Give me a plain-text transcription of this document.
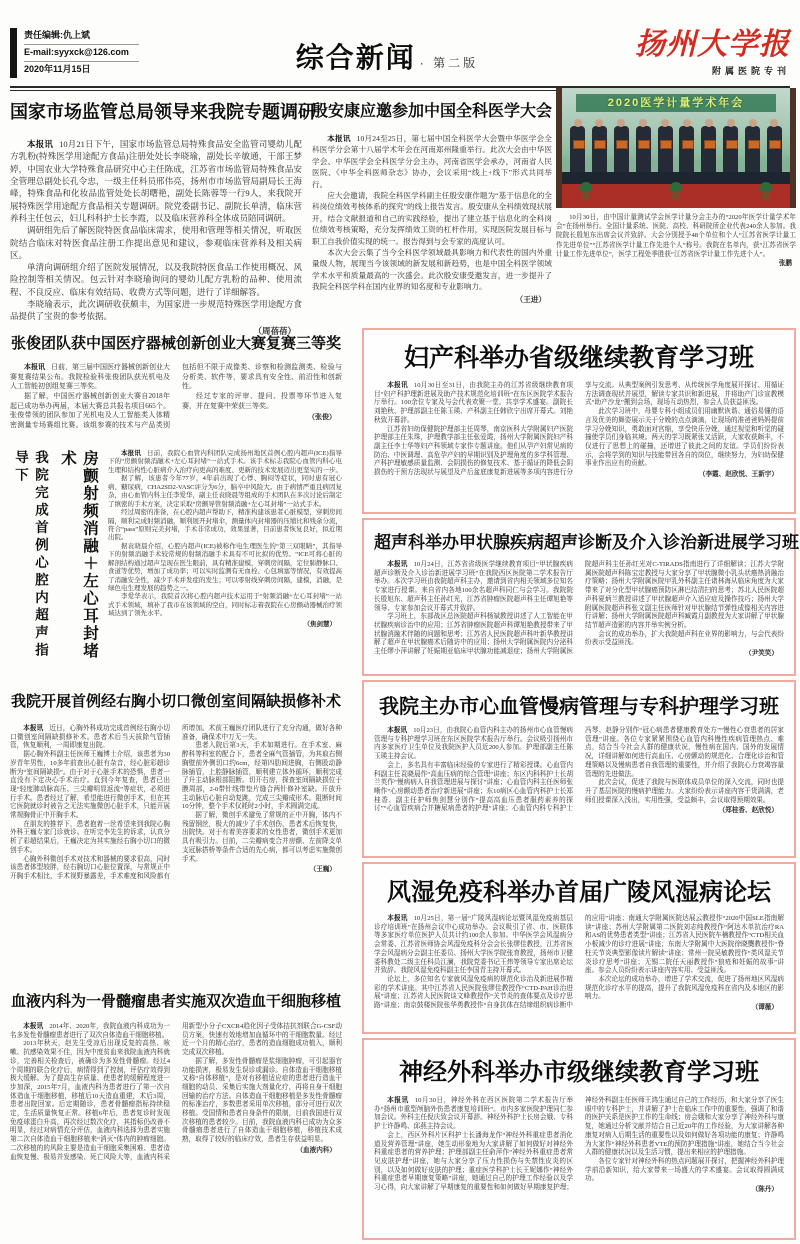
责任编辑:仇上斌
E-mail:syyxck@126.com
2020年11月15日	综合新闻 · 第二版
扬州大学报
附属医院专刊
国家市场监管总局领导来我院专题调研

本报讯 10月21日下午，国家市场监管总局特殊食品安全监管司婴幼儿配方乳粉(特殊医学用途配方食品)注册处处长李晓瑜，副处长辛敏通，干部王梦婷，中国农业大学特殊食品研究中心主任陈成，江苏省市场监管局特殊食品安全管理总副处长孔令忠，一级主任科员邢伟亮，扬州市市场监管局副局长王海峰，特殊食品和化妆品监管处处长胡曙艳，副处长陈蓉等一行9人，来我院开展特殊医学用途配方食品相关专题调研。院党委副书记、副院长单清，临床营养科主任包云，妇儿科科护士长李霞，以及临床营养科全体成员陪同调研。

调研组先后了解医院特医食品临床需求，使用和管理等相关情况，听取医院结合临床对特医食品注册工作提出意见和建议，参观临床营养科及相关病区。

单清向调研组介绍了医院发展情况，以及我院特医食品工作使用概况、风险控制等相关情况。包云针对李晓瑜询问的婴幼儿配方乳粉的品种、使用流程、不良反应、临床有效结局、收费方式等问题，进行了详细解答。

李晓瑜表示，此次调研收获颇丰，为国家进一步规范特殊医学用途配方食品提供了宝贵的参考依据。

（周蓓蓓）
殷安康应邀参加中国全科医学大会

本报讯 10月24至25日，第七届中国全科医学大会暨中华医学会全科医学分会第十八届学术年会在河南郑州隆重举行。此次大会由中华医学会、中华医学会全科医学分会主办，河南省医学会承办，河南省人民医院、《中华全科医师杂志》协办，会议采用“线上+线下”形式共同举行。

应大会邀请，我院全科医学科副主任殷安康作题为“基于信息化的全科岗位绩效考核体系的探究”的线上报告发言。殷安康从全科绩效现状展开，结合文献报道和自己的实践经验，提出了建立基于信息化的全科岗位绩效考核策略，充分发挥绩效工资的杠杆作用，实现医院发展目标与职工自我价值实现的统一。报告得到与会专家的高度认可。

本次大会云集了当今全科医学领域最具影响力和代表性的国内外重量级人物，展现当今该领域的新发展和新趋势，也是中国全科医学领域学术水平和质量最高的一次盛会。此次殷安康受邀发言，进一步提升了我院全科医学科在国内业界的知名度和专业影响力。

（王进）
2020医学计量学术年会
10月30日，由中国计量测试学会医学计量分会主办的“2020年医学计量学术年会”在扬州举行。全国计量系统、医院、高校、科研院所企业代表240余人参加。我院院长殷旭东出席会议并致辞。大会分别授予48个单位和个人“江苏省医学计量工作先进单位”“江苏省医学计量工作先进个人”称号。我院在名单内，获“江苏省医学计量工作先进单位”，医学工程处季胜获“江苏省医学计量工作先进个人”。
张鹏
张俊团队获中国医疗器械创新创业大赛复赛三等奖

本报讯 日前，第三届中国医疗器械创新创业大赛复赛结果公布。我院检验科张俊团队获光机电及人工智能初创组复赛三等奖。

据了解，中国医疗器械创新创业大赛自2018年起已成功举办两届，本届大赛总共报名项目665个。张俊带领的团队参加了光机电及人工智能类人体精密测量专场赛组比赛。该组参赛的技术与产品类别包括但不限于成像类、诊察和检测监测类、检验与分析类、软件等，要求具有安全性、前沿性和创新性。

经过专家的评审、提问、投票等环节进入复赛，并在复赛中荣获三等奖。

（张俊）
我院完成首例心腔内超声指导下	房颤射频消融＋左心耳封堵术	本报讯 日前，我院心血管内科团队完成扬州地区首例心腔内超声(ICE)指导下的“房颤射频消融术+左心耳封堵”一站式手术。该手术标志我院心血管内科心电生理和结构性心脏病介入治疗向更高的难度、更新的技术发展迈出更坚实的一步。

据了解，该患者今年77岁，4年前出现了心悸、胸闷等症状，同时患有冠心病、糖尿病，CHA2SD2-VASC评分为6分，脑卒中风险大。由于病情严重且病因复杂，由心血管内科主任李爱华，副主任袁晓晨等组成的手术团队在多次讨论后制定了缜密的手术方案，决定采取“房颤导管射频消融+左心耳封堵”一站式手术。

经过周密的准备，在心腔内超声帮助下，精准构建该患者心脏模型，穿刺房间隔，顺利完成射频消融，顺利展开封堵伞，测量体内封堵器的压缩比和残余分流，符合“pass”原则完美封堵，手术非常成功，效果显著，目前患者恢复良好，拟近期出院。

据袁晓晨介绍，心腔内超声(ICE)被称作电生理医生的“第三双眼睛”，其指导下的射频消融手术较常规的射频消融手术具有不可比拟的优势。“ICE可将心脏的解剖结构通过超声呈现在医生眼前，具有精准建模，穿刺房间隔，定位肺静脉口、食道等优势，增加了成功率；可以实时监测有无血栓、心包填塞等情况，有效提高了消融安全性，减少手术并发症的发生；可以零射线穿刺房间隔，建模，消融，是绿色电生理发展的趋势之一。

李爱华表示，我院首次将心腔内超声技术运用于“射频消融+左心耳封堵”一站式手术领域，填补了我市在该领域的空白，同时标志着我院在心房颤动器械治疗领域达到了领先水平。

（焦剑慧）
我院开展首例经右胸小切口微创室间隔缺损修补术

本报讯 近日，心胸外科成功完成首例经右胸小切口微创室间隔缺损修补术。患者术后当天拔除气管插管，恢复顺利，一周即康复出院。

据心胸外科副主任医师王巍博士介绍，该患者为30岁青年男性，10多年前查出心脏有杂音，经心脏彩超诊断为“室间隔缺损”。由于对于心脏手术的恐惧，患者一直没有下定决心手术治疗。直到今年复查，患者已出现“轻度肺动脉高压、三尖瓣明显返流”等症状，必须进行手术。患者经过了解，希望能进行微创手术，但在其它医院就诊时被告之无法实施微创心脏手术，只能开展常规胸骨正中开胸手术。

在朋友的推荐下，患者抱着一丝希望来到我院心胸外科王巍专家门诊就诊。在听完李先生的诉求，认真分析了彩超结果后，王巍决定为其实施经右胸小切口的微创手术。

心胸外科微创手术对技术和器械的要求很高，同时该患者体型较胖，经右胸切口心脏位置深，与常规正中开胸手术相比，手术视野暴露差，手术难度和风险都有所增加。术前王巍医疗团队进行了充分沟通，做好各种准备，确保术中万无一失。

患者入院后第3天，手术如期进行。在手术室、麻醉科等科室的配合下，患者全麻气管插管，为其取右侧胸壁前外侧切口约6cm，经第四肋间进胸，右侧股动静脉插管，上腔静脉插管，顺利建立体外循环，顺利完成了升主动脉根部阻断。切开右房，探查室间隔缺损位于膜周部，2-0带针线带垫片缝合两针修补室缺。开放升主动脉后心脏自动复跳，完成三尖瓣成形术。阻断时间10分钟，整个手术仅耗时2小时，手术圆满完成。

据了解，微创手术避免了常规的正中开胸，体内不残留钢丝，极大的减少了手术创伤，患者术后恢复快，出院快。对于有着美容要求的女性患者，微创手术更加具有吸引力。目前，二尖瓣病变合并房颤、左前降支单支冠脉搭桥等条件合适的先心病，都可以考虑实施微创手术。

（王巍）
血液内科为一骨髓瘤患者实施双次造血干细胞移植

本报讯 2014年、2020年，我院血液内科成功为一名多发性骨髓瘤患者进行了双次自体造血干细胞移植。

2013年秋天，赵先生受凉后出现反复的高热、咳嗽、抗感染效果不佳，因为中度贫血来我院血液内科就诊，完善相关检查后，被确诊为多发性骨髓瘤。经过4个周期的联合化疗后，病情得到了控制，评估疗效得到极大缓解。为了提高生存质量、使患者的缓解程度进一步加深，2015年7月，血液内科为患者进行了第一次自体造血干细胞移植，移植后10天造血重建，术后3周，患者出院回家。后定期随诊，患者骨髓瘤指标持续稳定，生活质量恢复正常。移植6年后，患者复诊时发现免疫球蛋白升高，再次经过数次化疗，其指标仍改善不明显，经过对病情充分评估，血液内科选择为患者实施第二次自体造血干细胞移植来“消灭”体内的肿瘤细胞。二次移植的的风险主要是造血干细胞采集困难、患者造血恢复慢、极易并发感染、死亡风险大等，血液内科采用新型小分子CXCR4趋化因子受体拮抗剂联合G-CSF动员方案，快速有效地增加血循环中的干细胞数量。经过近一个月的精心治疗，患者的造血细胞成功植入，顺利完成双次移植。

据了解，多发性骨髓瘤是浆细胞肿瘤，可引起器官功能损害，极易发生误诊或漏诊。自体造血干细胞移植又称“自体移植”，是对有移植适应症的患者进行造血干细胞的动员、采集后实施大剂量化疗，再将自身干细胞回输的治疗方法。自体造血干细胞移植是多发性骨髓瘤的标准治疗，多数患者采用单次移植，部分可进行双次移植。受国情和患者自身条件的限制，目前我国进行双次移植的患者较少。目前，我院血液内科已成功为众多骨髓瘤患者进行了自体造血干细胞移植，移植技术成熟，取得了较好的临床疗效，患者生存获益明显。

（血液内科）
妇产科举办省级继续教育学习班

本报讯 10月30日至31日，由我院主办的江苏省级继续教育项目“妇产科护理新进展及助产技术规范化培训班”在东区医院学术报告厅举行。100余位专家及与会代表欢聚一堂，共享学术盛宴。副院长刘艳秋、护理部副主任陈玉瑛、产科副主任韩欣宁出席开幕式。刘艳秋致开幕辞。

江苏省妇幼保健院护理部主任周琴，南京医科大学附属妇产医院护理部主任朱珠，护理教学部主任张爱霞，扬州大学附属医院妇产科副主任李士华等妇产科领域专家作专题讲座。他们从孕产妇常见病的防治、中医调理、高危孕产妇的早期识别及护理角度的多学科管理、产科护理敏感质量监测、会阴损伤的修复技术、基于循证的降低会阴损伤的干预方法现状与展望及产后盆底康复新进展等多项内容进行分享与交流。从典型案例引发思考、从传统医学角度展开探讨、用循证方法调查现状并展望，解读专家共识和新进展，并将助产门诊宣教模式“助产沙龙”搬到会场，现场互动热烈，参会人员获益匪浅。

此次学习班中，母婴专科小组成员们用幽默诙谐、通俗易懂的语言及优美的舞姿展示关于分娩的点点滴滴，让现场的准爸爸妈妈提前学习分娩知识，勇敢面对宫缩，享受快乐分娩，通过视觉和听觉的碰撞使学员们身临其境。两天的学习既紧张又活跃，大家收获颇丰，不仅进行了思想上的碰撞，还增进了彼此之间的友谊。学员们纷纷表示，会将学到的知识与技能带回各自的岗位，继续努力，为妇幼保健事业作出应有的贡献。

（李霞、赵欣悦、王新宇）
超声科举办甲状腺疾病超声诊断及介入诊治新进展学习班

本报讯 10月24日，江苏省省级医学继续教育项目“甲状腺疾病超声诊断及介入诊治新进展学习班”在我院西区医院第二学术报告厅举办。本次学习班由我院超声科主办，邀请到省内相关领域多位知名专家进行授课。来自省内各地100余名超声科同仁与会学习。我院院长殷旭东、超声科主任孙红光，江苏省肿瘤医院超声科主任谭旭艳等领导、专家参加会议开幕式并致辞。

学习班上，东部战区总医院超声科杨斌教授讲述了人工智能在甲状腺疾病诊治中的应用；江苏省肿瘤医院超声科谭旭艳教授带来了甲状腺消融术伴随的问题和思考；江苏省人民医院超声科叶新华教授讲解了超声在甲状腺癌术后随访中的应用；扬州大学附属医院内分泌科主任缪小萍讲解了妊娠期亚临床甲状腺功能减退症；扬州大学附属医院超声科主任孙红光对C-TIRADS指南进行了详细解读；江苏大学附属医院超声科陈宝定教授与大家分享了甲状腺微小乳头状癌热消融治疗策略；扬州大学附属医院甲乳外科副主任诸林海从临床角度为大家带来了对分化型甲状腺癌预防区淋巴结清扫的思考；苏北人民医院超声科夏炳兰教授讲述了甲状腺超声介入适应症及操作技巧；扬州大学附属医院超声科张文副主任医师针对甲状腺结节弹性成像相关内容进行讲解；扬州大学附属医院超声科臧霞月副教授为大家讲解了甲状腺结节超声造影的内容并举实例分析。

会议的成功举办，扩大我院超声科在业界的影响力，与会代表纷纷表示受益匪浅。

（尹笑笑）
我院主办市心血管慢病管理与专科护理学习班

本报讯 10月23日，由我院心血管内科主办的扬州市心血管慢病管理与专科护理学习班在东区医院学术报告厅举行。会议吸引扬州市内多家医疗卫生单位及我院医护人员近200人参加。护理部副主任陈玉瑛主持会议。

会上，多名具有丰富临床经验的专家进行了精彩授课。心血管内科副主任袁晓晨作“高血压病的综合管理”讲座；东区内科科护士长胡兰英作“慢病病人自我管理进展与探讨”讲座；心血管内科主任医师张晰作“心房颤动患者治疗新进展”讲座；东10病区心血管内科护士长郑桂香、副主任护师焦剑慧分别作“提高高血压患者服药素养的探讨”“心血管疾病合并糖尿病患者的护理”讲座；心血管内科专科护士冯琴、赵静分别作“冠心病患者健康教育处方”“慢性心衰患者的居家管理”讲座。各位专家紧紧围绕心血管内科慢性疾病管理热点、难点，结合当今社会人群的健康状况，慢性病在国内、国外的发展情况，详细讲解如何进行高血压、心房颤动的规范化、合理化诊治和管理策略以及慢病患者自我管理的重要性，并介绍了我院心力衰竭容量管理的先进做法。

此次会议，促进了我院与医联体成员单位的深入交流，同时也提升了基层医院的慢病护理能力。大家纷纷表示讲座内容干货满满，老师们授课深入浅出，实用性强，受益颇丰，会议取得预期效果。

（郑桂香、赵欣悦）
风湿免疫科举办首届广陵风湿病论坛

本报讯 10月25日，第一届“广陵风湿病论坛暨风湿免疫病基层诊疗培训班”在扬州会议中心成功举办。会议吸引了省、市、医联体等多家医疗单位医护人员共计约100余人参加。中华医学会风湿病分会常委、江苏省医师协会风湿免疫科分会会长张缪佳教授，江苏省医学会风湿病分会副主任委员、扬州大学医学院张育教授，扬州市卫健委科教处二级主任科员江澜，我院党委书记王炜等领导专家出席论坛并致辞。我院风湿免疫科副主任李国青主持开幕式。

论坛上，多位知名专家就风湿免疫病的规范化诊治及新进展作精彩的学术讲座。其中江苏省人民医院张缪佳教授作“CTD-PAH诊治进展”讲座；江苏省人民医院谈文峰教授作“关节炎的查体要点及诊疗思路”讲座；南京鼓楼医院张华勇教授作“自身抗体在结缔组织病诊断中的应用”讲座；南通大学附属医院达展云教授作“2020中国SLE指南解读”讲座；苏州大学附属第二医院刘志纯教授作“阿达木单抗治疗RA和AS的优势患者类型”讲座；江苏省人民医院车楠教授作“CTD相关血小板减少的诊疗进展”讲座；东南大学附属中大医院徐晓龑教授作“脊柱关节炎典型影像读片解读”讲座；常州一院吴敏教授作“类风湿关节炎诊疗思考”讲座；无锡二院任天丽教授作“狼疮和妊娠的故事”讲座。参会人员纷纷表示讲座内容实用、受益匪浅。

本次论坛的成功举办，增进了学术交流，促进了扬州地区风湿病规范化诊疗水平的提高，提升了我院风湿免疫科在省内及本地区的影响力。

（谭薇）
神经外科举办市级继续教育学习班

本报讯 10月30日，神经外科在西区医院第二学术报告厅举办“扬州市重型颅脑外伤患者康复培训班”。市内多家医院护理同仁参加会议。外科主任倪庆致会议开幕辞。神经外科护士长房会娥、专科护士许静鸣、邱燕主持会议。

会上，西区外科片区科护士长潘海龙作“神经外科重症患者消化道及营养管理”讲座，她生动形象地为大家讲解了如何做好对神经外科重症患者的营养护理；护理部副主任俞萍作“神经外科重症患者常见皮肤护理”讲座，她与大家分享了压力性损伤与失禁性皮炎的区别，以及如何做好皮肤的护理；重症医学科护士长王妮娜作“神经外科重症患者早期康复策略”讲座，她通过自己的护理工作经验以及学习心得，向大家讲解了早期康复的重要性和如何做好早期康复护理；神经外科副主任医师王鸿生通过自己的工作经历，和大家分享了医生眼中的专科护士，并讲解了护士在临床工作中的重要性，强调了和谐的医护关系是医护工作的生命线；房会娥和大家分享了神经外科与康复，她通过分析文献并结合自己近20年的工作经验，为大家讲解各种康复对病人后期生活的重要性以及如何做好各项功能的康复；许静鸣为大家作“神经外科患者VTE的预防护理措施”讲座，她结合当今社会人群的健康状况以及生活习惯，提出来相应的护理措施。

各位专家针对神经外科的热点问题展开探讨，把握神经外科护理学前沿新知识，给大家带来一场盛大的学术盛宴。会议取得圆满成功。

（陈丹）
